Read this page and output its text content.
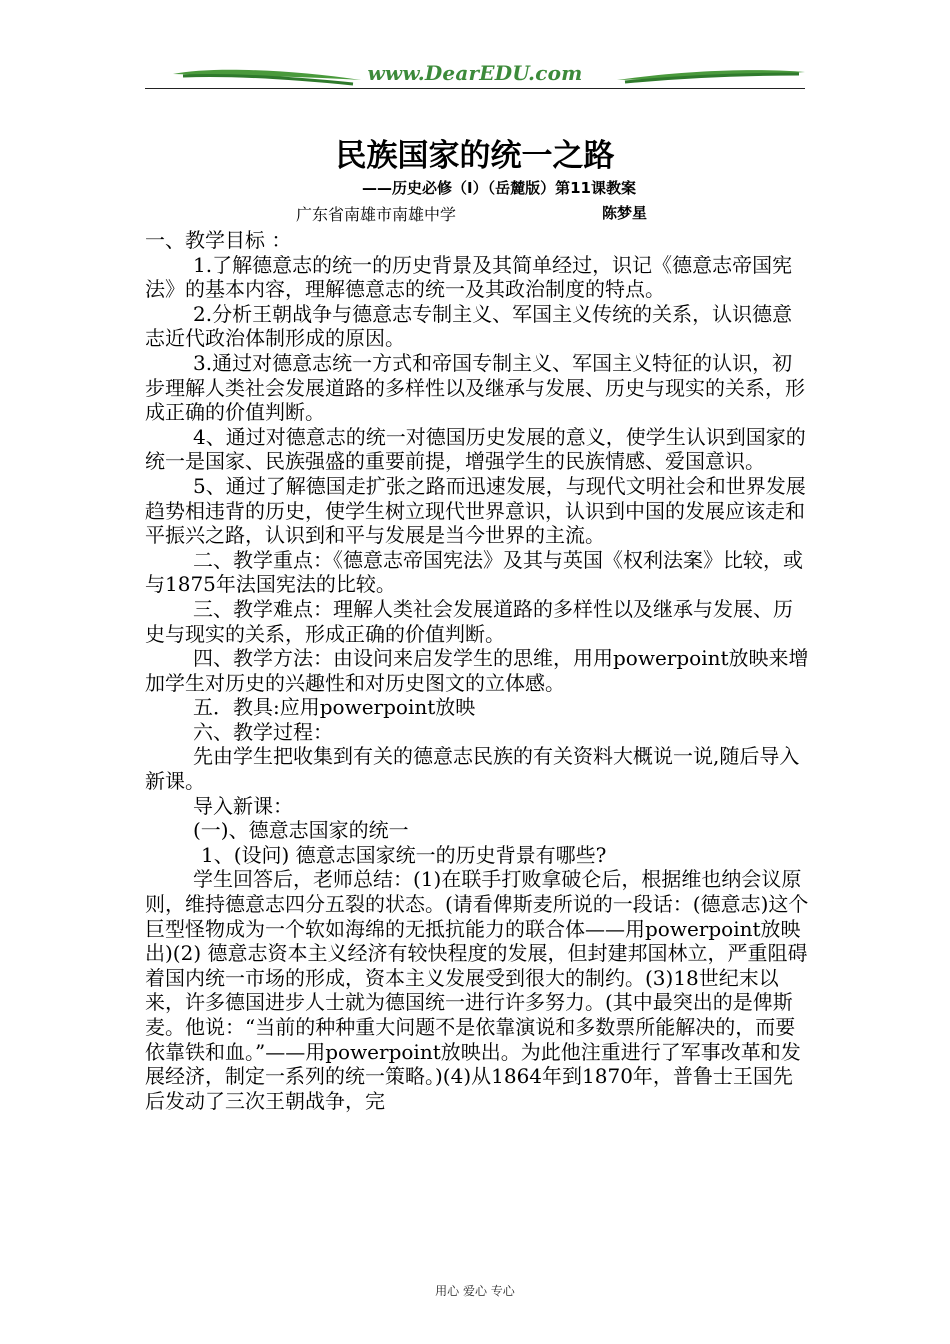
www.DearEDU.com
民族国家的统一之路
——历史必修（Ⅰ）（岳麓版）第11课教案
广东省南雄市南雄中学	陈梦星

一、教学目标 ：

1.了解德意志的统一的历史背景及其简单经过，识记《德意志帝国宪法》的基本内容，理解德意志的统一及其政治制度的特点。

2.分析王朝战争与德意志专制主义、军国主义传统的关系，认识德意志近代政治体制形成的原因。

3.通过对德意志统一方式和帝国专制主义、军国主义特征的认识，初步理解人类社会发展道路的多样性以及继承与发展、历史与现实的关系，形成正确的价值判断。

4、通过对德意志的统一对德国历史发展的意义，使学生认识到国家的统一是国家、民族强盛的重要前提，增强学生的民族情感、爱国意识。

5、通过了解德国走扩张之路而迅速发展，与现代文明社会和世界发展趋势相违背的历史，使学生树立现代世界意识，认识到中国的发展应该走和平振兴之路，认识到和平与发展是当今世界的主流。

二、教学重点：《德意志帝国宪法》及其与英国《权利法案》比较，或与1875年法国宪法的比较。

三、教学难点：理解人类社会发展道路的多样性以及继承与发展、历史与现实的关系，形成正确的价值判断。

四、教学方法：由设问来启发学生的思维，用用powerpoint放映来增加学生对历史的兴趣性和对历史图文的立体感。

五．教具:应用powerpoint放映

六、教学过程：

先由学生把收集到有关的德意志民族的有关资料大概说一说,随后导入新课。

导入新课：

(一)、德意志国家的统一

1、(设问) 德意志国家统一的历史背景有哪些?

学生回答后，老师总结：(1)在联手打败拿破仑后，根据维也纳会议原则，维持德意志四分五裂的状态。(请看俾斯麦所说的一段话：(德意志)这个巨型怪物成为一个软如海绵的无抵抗能力的联合体——用powerpoint放映出)(2) 德意志资本主义经济有较快程度的发展，但封建邦国林立，严重阻碍着国内统一市场的形成，资本主义发展受到很大的制约。(3)18世纪末以来，许多德国进步人士就为德国统一进行许多努力。(其中最突出的是俾斯麦。他说：“当前的种种重大问题不是依靠演说和多数票所能解决的，而要依靠铁和血。”——用powerpoint放映出。为此他注重进行了军事改革和发展经济，制定一系列的统一策略。)(4)从1864年到1870年，普鲁士王国先后发动了三次王朝战争，完

用心 爱心 专心
